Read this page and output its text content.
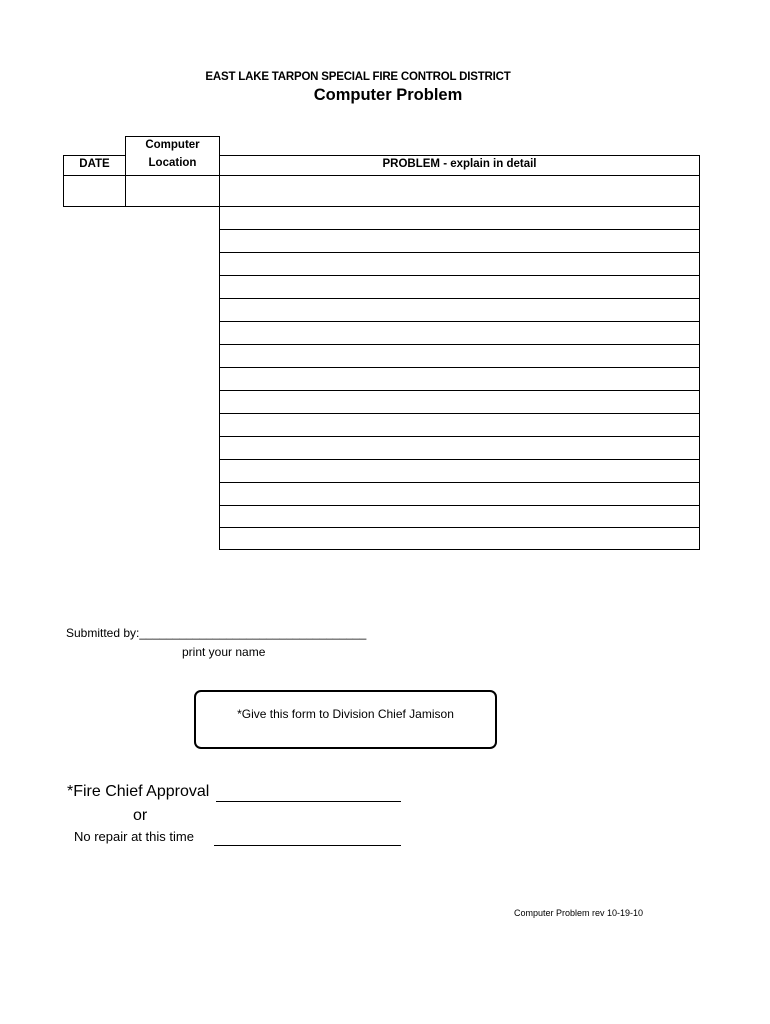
EAST LAKE TARPON SPECIAL FIRE CONTROL DISTRICT
Computer Problem
Computer
Location
DATE	PROBLEM - explain in detail
Submitted by:__________________________________
print your name
*Give this form to Division Chief Jamison
*Fire Chief Approval
or
No repair at this time
Computer Problem rev 10-19-10
